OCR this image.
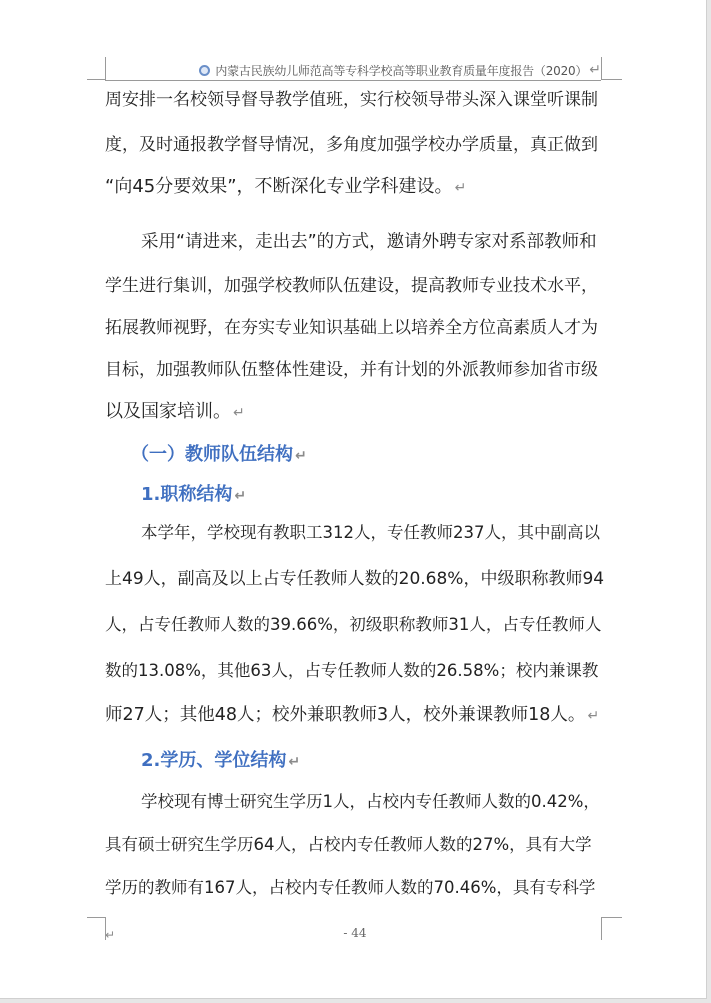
内蒙古民族幼儿师范高等专科学校高等职业教育质量年度报告（2020） ↵
周安排一名校领导督导教学值班，实行校领导带头深入课堂听课制
度，及时通报教学督导情况，多角度加强学校办学质量，真正做到
“向45分要效果”，不断深化专业学科建设。 ↵
采用“请进来，走出去”的方式，邀请外聘专家对系部教师和
学生进行集训，加强学校教师队伍建设，提高教师专业技术水平，
拓展教师视野，在夯实专业知识基础上以培养全方位高素质人才为
目标，加强教师队伍整体性建设，并有计划的外派教师参加省市级
以及国家培训。 ↵
（一）教师队伍结构 ↵
1.职称结构 ↵
本学年，学校现有教职工312人，专任教师237人，其中副高以
上49人，副高及以上占专任教师人数的20.68%，中级职称教师94
人，占专任教师人数的39.66%，初级职称教师31人，占专任教师人
数的13.08%，其他63人，占专任教师人数的26.58%；校内兼课教
师27人；其他48人；校外兼职教师3人，校外兼课教师18人。 ↵
2.学历、学位结构 ↵
学校现有博士研究生学历1人，占校内专任教师人数的0.42%，
具有硕士研究生学历64人，占校内专任教师人数的27%，具有大学
学历的教师有167人，占校内专任教师人数的70.46%，具有专科学
↵	- 44
